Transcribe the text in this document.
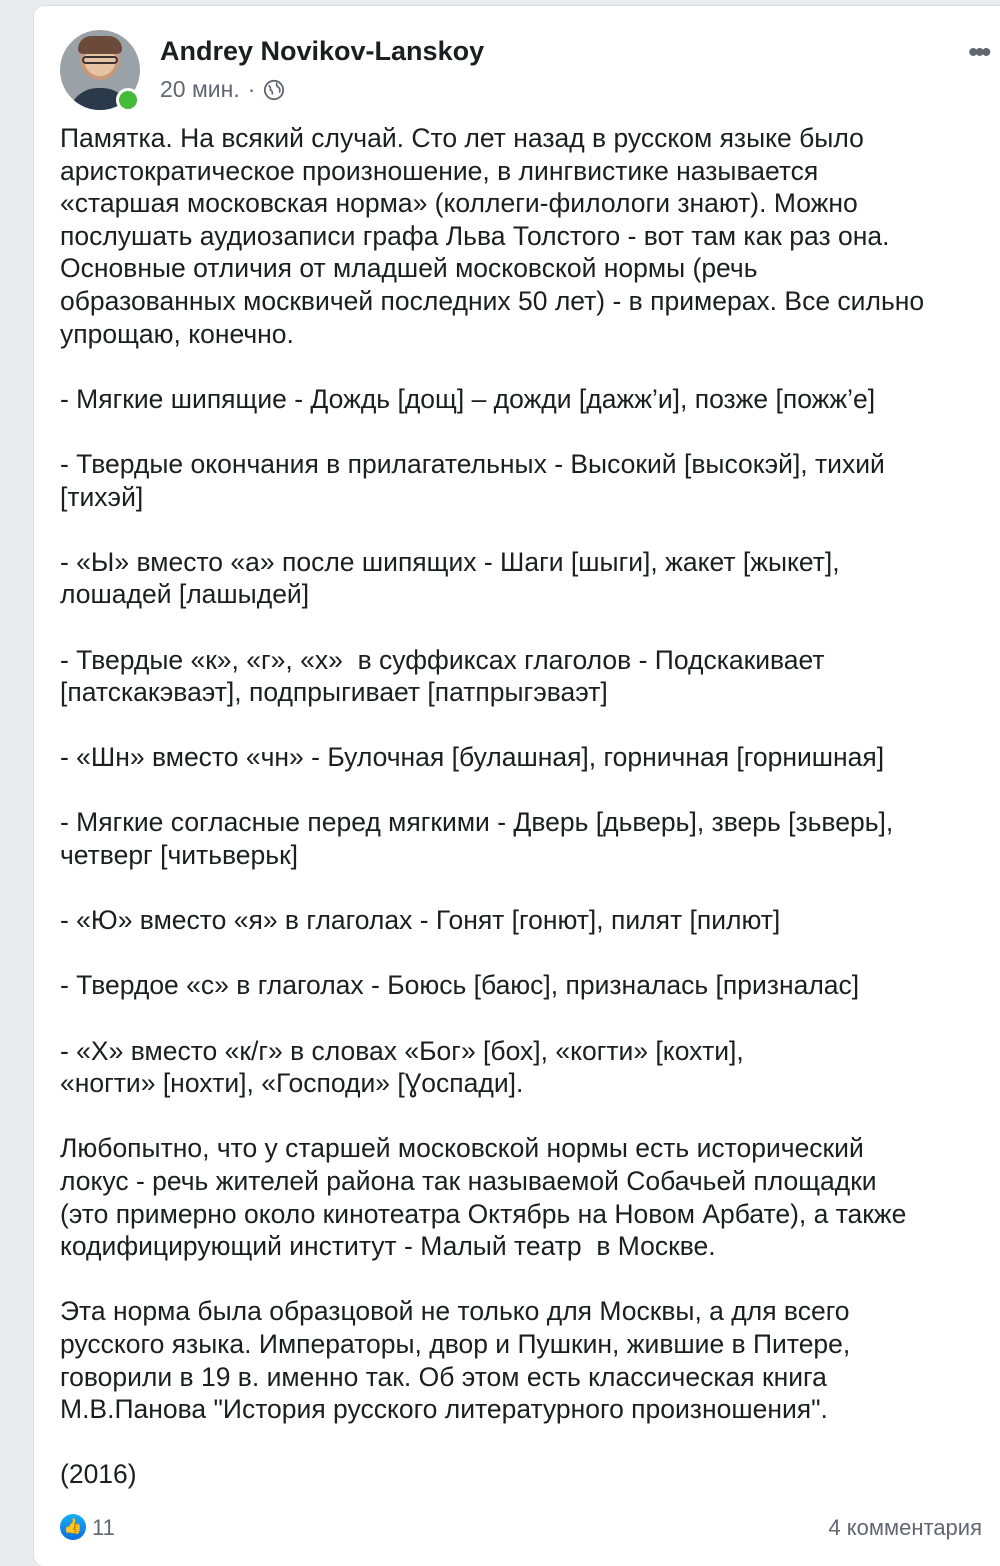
Andrey Novikov-Lanskoy
20 мин. ·
•••

Памятка. На всякий случай. Сто лет назад в русском языке было
аристократическое произношение, в лингвистике называется
«старшая московская норма» (коллеги-филологи знают). Можно
послушать аудиозаписи графа Льва Толстого - вот там как раз она.
Основные отличия от младшей московской нормы (речь
образованных москвичей последних 50 лет) - в примерах. Все сильно
упрощаю, конечно.

- Мягкие шипящие - Дождь [дощ] – дожди [дажж’и], позже [пожж’е]

- Твердые окончания в прилагательных - Высокий [высокэй], тихий
[тихэй]

- «Ы» вместо «а» после шипящих - Шаги [шыги], жакет [жыкет],
лошадей [лашыдей]

- Твердые «к», «г», «х»  в суффиксах глаголов - Подскакивает
[патскакэваэт], подпрыгивает [патпрыгэваэт]

- «Шн» вместо «чн» - Булочная [булашная], горничная [горнишная]

- Мягкие согласные перед мягкими - Дверь [дьверь], зверь [зьверь],
четверг [читьверьк]

- «Ю» вместо «я» в глаголах - Гонят [гонют], пилят [пилют]

- Твердое «с» в глаголах - Боюсь [баюс], призналась [призналас]

- «Х» вместо «к/г» в словах «Бог» [бох], «когти» [кохти],
«ногти» [нохти], «Господи» [Ɣоспади].

Любопытно, что у старшей московской нормы есть исторический
локус - речь жителей района так называемой Собачьей площадки
(это примерно около кинотеатра Октябрь на Новом Арбате), а также
кодифицирующий институт - Малый театр  в Москве.

Эта норма была образцовой не только для Москвы, а для всего
русского языка. Императоры, двор и Пушкин, жившие в Питере,
говорили в 19 в. именно так. Об этом есть классическая книга
М.В.Панова "История русского литературного произношения".

(2016)

👍 11	4 комментария
